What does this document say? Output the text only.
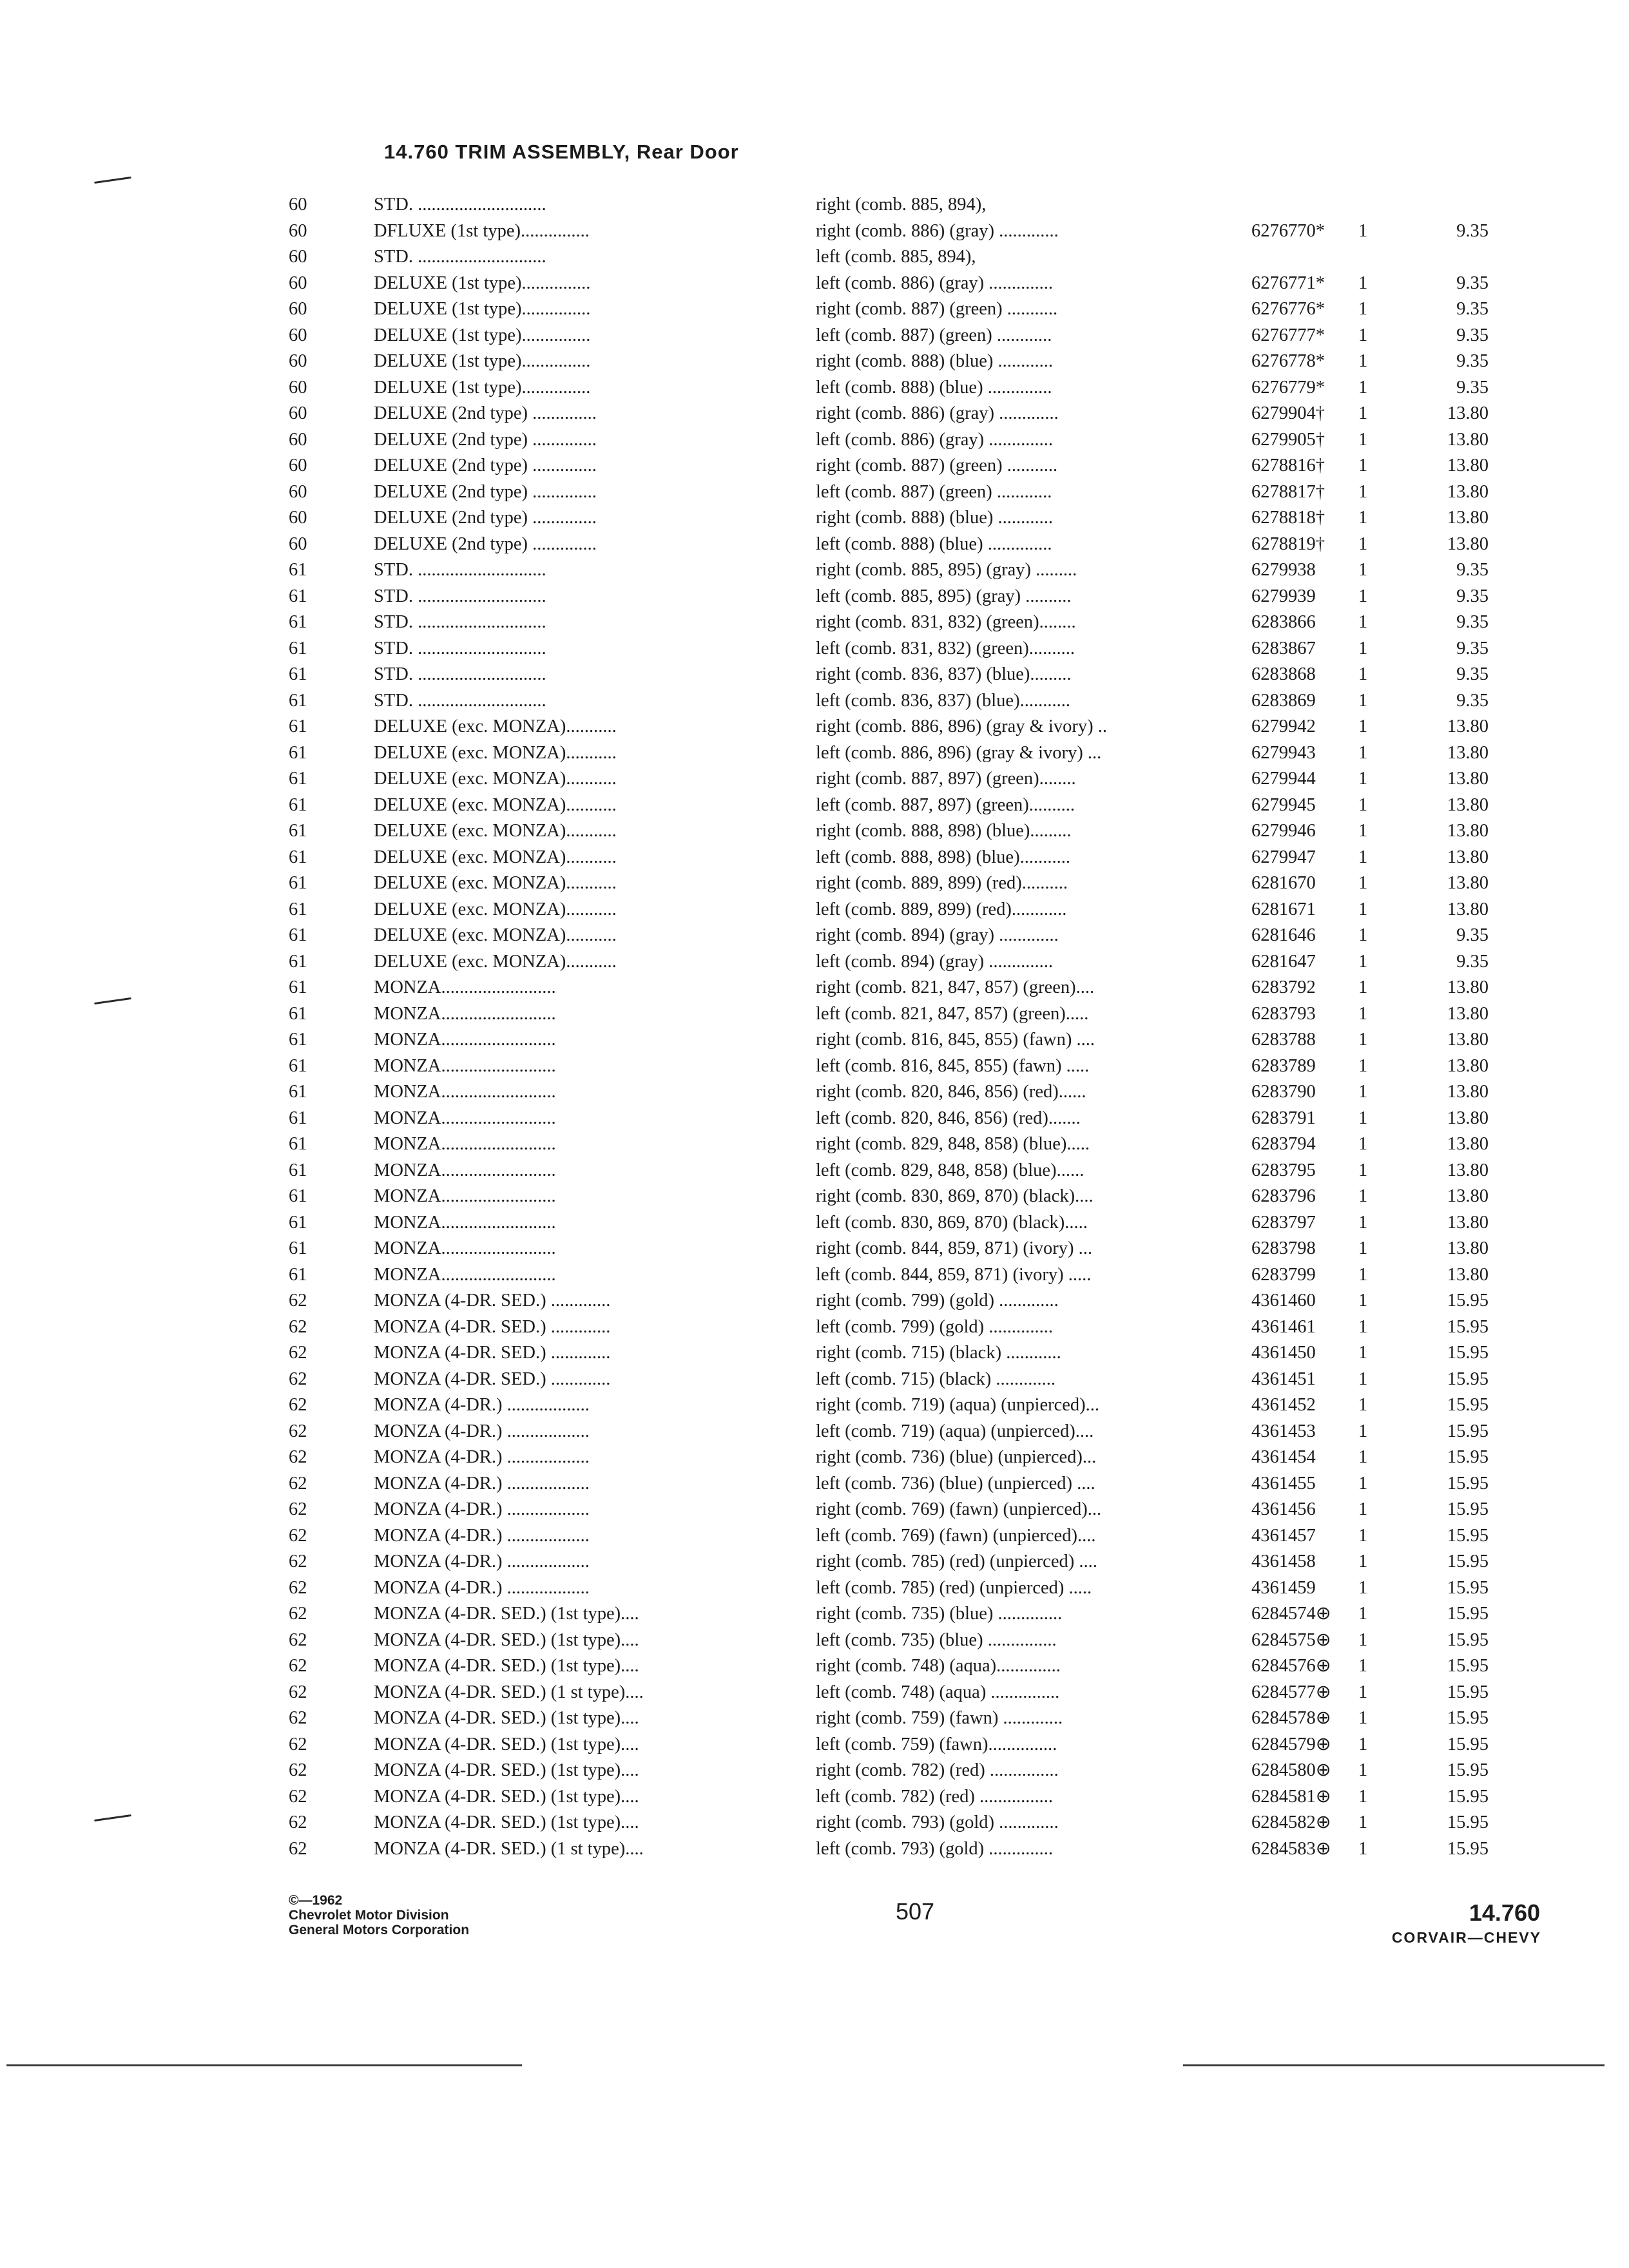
14.760 TRIM ASSEMBLY, Rear Door
60	STD. ............................	right (comb. 885, 894),
60	DFLUXE (1st type)...............	right (comb. 886) (gray) .............	6276770* 1	9.35
60	STD. ............................	left (comb. 885, 894),
60	DELUXE (1st type)...............	left (comb. 886) (gray) ..............	6276771* 1	9.35
60	DELUXE (1st type)...............	right (comb. 887) (green) ...........	6276776* 1	9.35
60	DELUXE (1st type)...............	left (comb. 887) (green) ............	6276777* 1	9.35
60	DELUXE (1st type)...............	right (comb. 888) (blue) ............	6276778* 1	9.35
60	DELUXE (1st type)...............	left (comb. 888) (blue) ..............	6276779* 1	9.35
60	DELUXE (2nd type) ..............	right (comb. 886) (gray) .............	6279904† 1	13.80
60	DELUXE (2nd type) ..............	left (comb. 886) (gray) ..............	6279905† 1	13.80
60	DELUXE (2nd type) ..............	right (comb. 887) (green) ...........	6278816† 1	13.80
60	DELUXE (2nd type) ..............	left (comb. 887) (green) ............	6278817† 1	13.80
60	DELUXE (2nd type) ..............	right (comb. 888) (blue) ............	6278818† 1	13.80
60	DELUXE (2nd type) ..............	left (comb. 888) (blue) ..............	6278819† 1	13.80
61	STD. ............................	right (comb. 885, 895) (gray) .........	6279938 1	9.35
61	STD. ............................	left (comb. 885, 895) (gray) ..........	6279939 1	9.35
61	STD. ............................	right (comb. 831, 832) (green)........	6283866 1	9.35
61	STD. ............................	left (comb. 831, 832) (green)..........	6283867 1	9.35
61	STD. ............................	right (comb. 836, 837) (blue).........	6283868 1	9.35
61	STD. ............................	left (comb. 836, 837) (blue)...........	6283869 1	9.35
61	DELUXE (exc. MONZA)...........	right (comb. 886, 896) (gray & ivory) ..	6279942 1	13.80
61	DELUXE (exc. MONZA)...........	left (comb. 886, 896) (gray & ivory) ...	6279943 1	13.80
61	DELUXE (exc. MONZA)...........	right (comb. 887, 897) (green)........	6279944 1	13.80
61	DELUXE (exc. MONZA)...........	left (comb. 887, 897) (green)..........	6279945 1	13.80
61	DELUXE (exc. MONZA)...........	right (comb. 888, 898) (blue).........	6279946 1	13.80
61	DELUXE (exc. MONZA)...........	left (comb. 888, 898) (blue)...........	6279947 1	13.80
61	DELUXE (exc. MONZA)...........	right (comb. 889, 899) (red)..........	6281670 1	13.80
61	DELUXE (exc. MONZA)...........	left (comb. 889, 899) (red)............	6281671 1	13.80
61	DELUXE (exc. MONZA)...........	right (comb. 894) (gray) .............	6281646 1	9.35
61	DELUXE (exc. MONZA)...........	left (comb. 894) (gray) ..............	6281647 1	9.35
61	MONZA.........................	right (comb. 821, 847, 857) (green)....	6283792 1	13.80
61	MONZA.........................	left (comb. 821, 847, 857) (green).....	6283793 1	13.80
61	MONZA.........................	right (comb. 816, 845, 855) (fawn) ....	6283788 1	13.80
61	MONZA.........................	left (comb. 816, 845, 855) (fawn) .....	6283789 1	13.80
61	MONZA.........................	right (comb. 820, 846, 856) (red)......	6283790 1	13.80
61	MONZA.........................	left (comb. 820, 846, 856) (red).......	6283791 1	13.80
61	MONZA.........................	right (comb. 829, 848, 858) (blue).....	6283794 1	13.80
61	MONZA.........................	left (comb. 829, 848, 858) (blue)......	6283795 1	13.80
61	MONZA.........................	right (comb. 830, 869, 870) (black)....	6283796 1	13.80
61	MONZA.........................	left (comb. 830, 869, 870) (black).....	6283797 1	13.80
61	MONZA.........................	right (comb. 844, 859, 871) (ivory) ...	6283798 1	13.80
61	MONZA.........................	left (comb. 844, 859, 871) (ivory) .....	6283799 1	13.80
62	MONZA (4-DR. SED.) .............	right (comb. 799) (gold) .............	4361460 1	15.95
62	MONZA (4-DR. SED.) .............	left (comb. 799) (gold) ..............	4361461 1	15.95
62	MONZA (4-DR. SED.) .............	right (comb. 715) (black) ............	4361450 1	15.95
62	MONZA (4-DR. SED.) .............	left (comb. 715) (black) .............	4361451 1	15.95
62	MONZA (4-DR.) ..................	right (comb. 719) (aqua) (unpierced)...	4361452 1	15.95
62	MONZA (4-DR.) ..................	left (comb. 719) (aqua) (unpierced)....	4361453 1	15.95
62	MONZA (4-DR.) ..................	right (comb. 736) (blue) (unpierced)...	4361454 1	15.95
62	MONZA (4-DR.) ..................	left (comb. 736) (blue) (unpierced) ....	4361455 1	15.95
62	MONZA (4-DR.) ..................	right (comb. 769) (fawn) (unpierced)...	4361456 1	15.95
62	MONZA (4-DR.) ..................	left (comb. 769) (fawn) (unpierced)....	4361457 1	15.95
62	MONZA (4-DR.) ..................	right (comb. 785) (red) (unpierced) ....	4361458 1	15.95
62	MONZA (4-DR.) ..................	left (comb. 785) (red) (unpierced) .....	4361459 1	15.95
62	MONZA (4-DR. SED.) (1st type)....	right (comb. 735) (blue) ..............	6284574⊕ 1	15.95
62	MONZA (4-DR. SED.) (1st type)....	left (comb. 735) (blue) ...............	6284575⊕ 1	15.95
62	MONZA (4-DR. SED.) (1st type)....	right (comb. 748) (aqua)..............	6284576⊕ 1	15.95
62	MONZA (4-DR. SED.) (1 st type)....	left (comb. 748) (aqua) ...............	6284577⊕ 1	15.95
62	MONZA (4-DR. SED.) (1st type)....	right (comb. 759) (fawn) .............	6284578⊕ 1	15.95
62	MONZA (4-DR. SED.) (1st type)....	left (comb. 759) (fawn)...............	6284579⊕ 1	15.95
62	MONZA (4-DR. SED.) (1st type)....	right (comb. 782) (red) ...............	6284580⊕ 1	15.95
62	MONZA (4-DR. SED.) (1st type)....	left (comb. 782) (red) ................	6284581⊕ 1	15.95
62	MONZA (4-DR. SED.) (1st type)....	right (comb. 793) (gold) .............	6284582⊕ 1	15.95
62	MONZA (4-DR. SED.) (1 st type)....	left (comb. 793) (gold) ..............	6284583⊕ 1	15.95
©—1962
Chevrolet Motor Division
General Motors Corporation
507	14.760
CORVAIR—CHEVY
